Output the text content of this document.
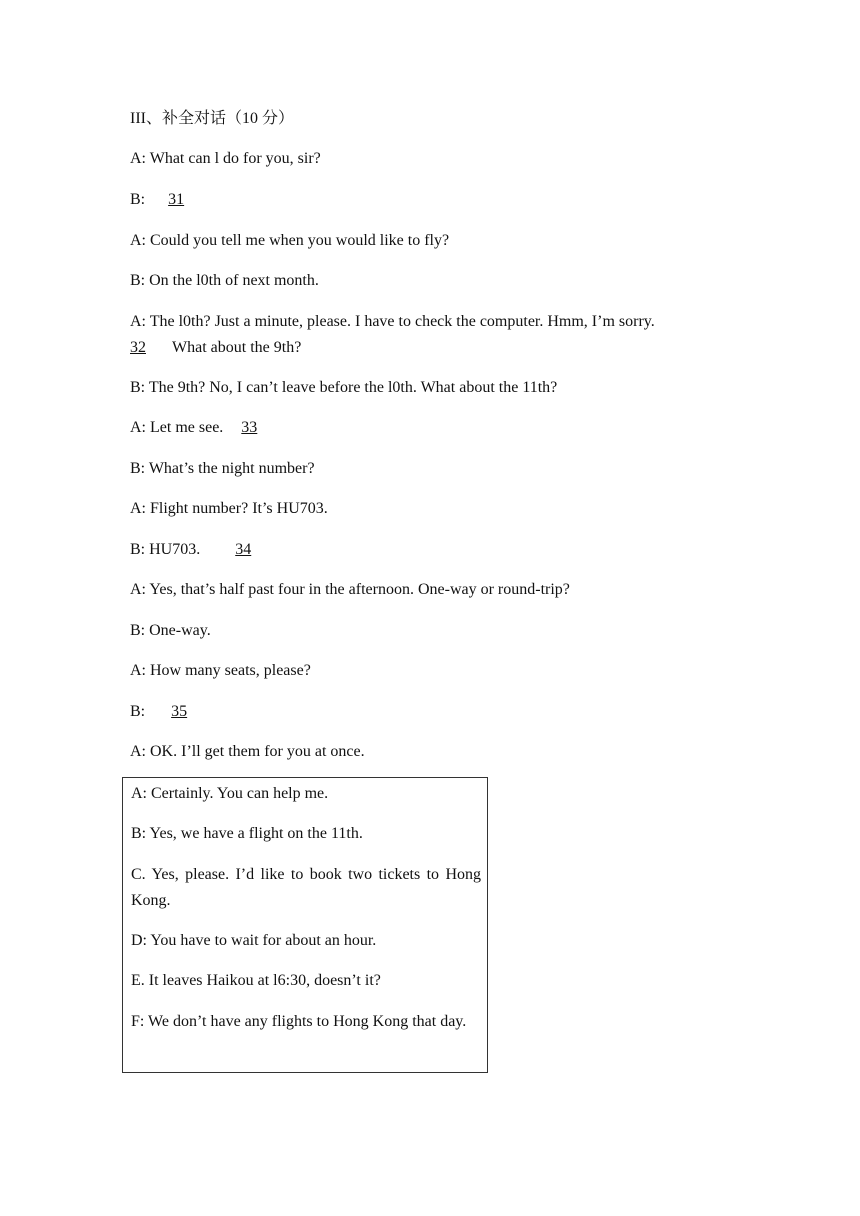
III、补全对话（10 分）
A: What can l do for you, sir?
B: 31
A: Could you tell me when you would like to fly?
B: On the l0th of next month.
A: The l0th? Just a minute, please. I have to check the computer. Hmm, I’m sorry.
32 What about the 9th?
B: The 9th? No, I can’t leave before the l0th. What about the 11th?
A: Let me see. 33
B: What’s the night number?
A: Flight number? It’s HU703.
B: HU703. 34
A: Yes, that’s half past four in the afternoon. One-way or round-trip?
B: One-way.
A: How many seats, please?
B: 35
A: OK. I’ll get them for you at once.
A: Certainly. You can help me.
B: Yes, we have a flight on the 11th.
C. Yes, please. I’d like to book two tickets to Hong Kong.
D: You have to wait for about an hour.
E. It leaves Haikou at l6:30, doesn’t it?
F: We don’t have any flights to Hong Kong that day.
